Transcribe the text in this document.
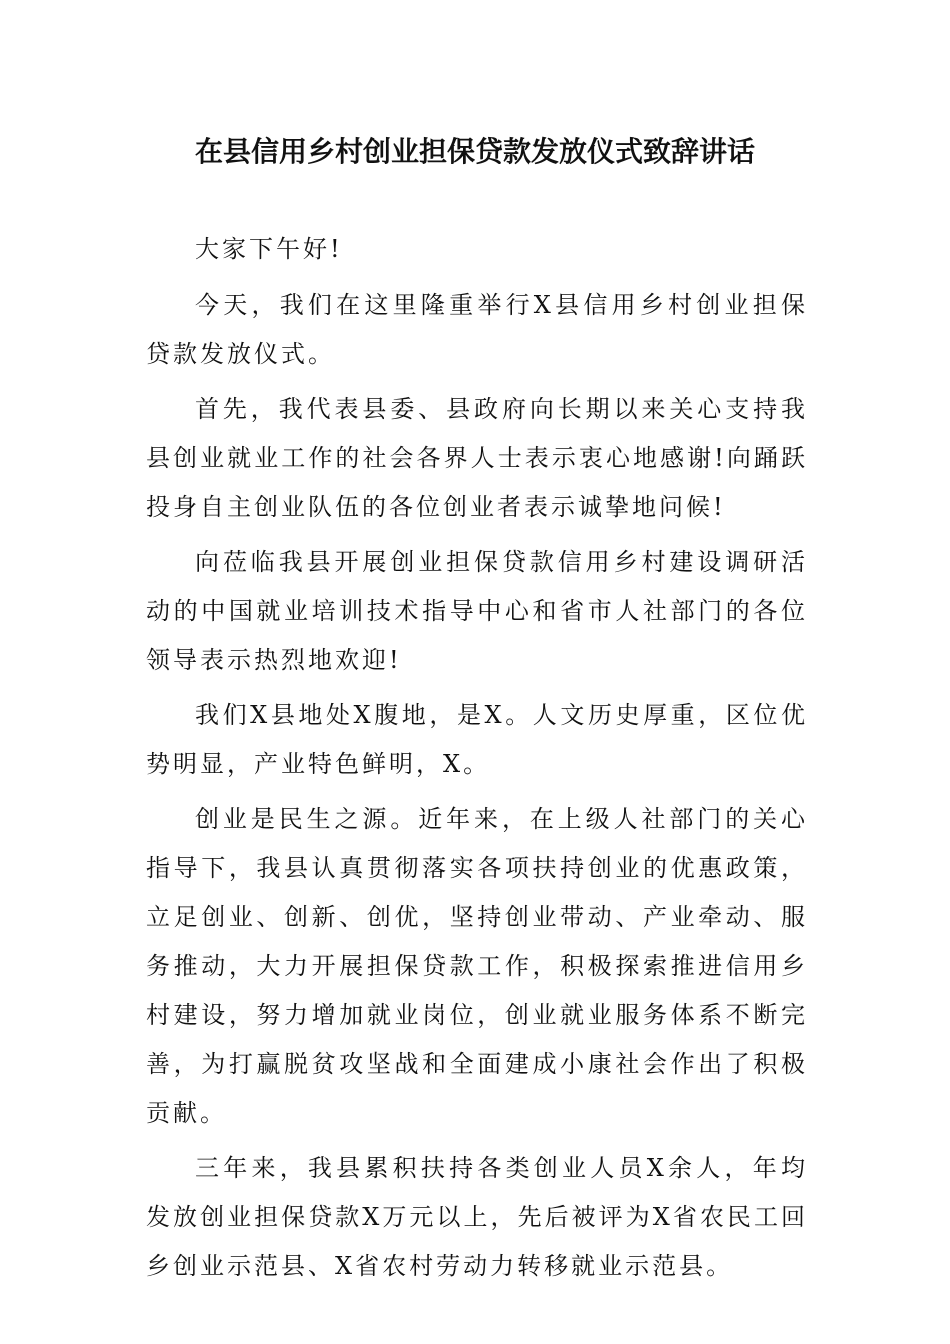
在县信用乡村创业担保贷款发放仪式致辞讲话

大家下午好!

今天，我们在这里隆重举行X县信用乡村创业担保贷款发放仪式。

首先，我代表县委、县政府向长期以来关心支持我县创业就业工作的社会各界人士表示衷心地感谢!向踊跃投身自主创业队伍的各位创业者表示诚挚地问候!

向莅临我县开展创业担保贷款信用乡村建设调研活动的中国就业培训技术指导中心和省市人社部门的各位领导表示热烈地欢迎!

我们X县地处X腹地，是X。人文历史厚重，区位优势明显，产业特色鲜明，X。

创业是民生之源。近年来，在上级人社部门的关心指导下，我县认真贯彻落实各项扶持创业的优惠政策，立足创业、创新、创优，坚持创业带动、产业牵动、服务推动，大力开展担保贷款工作，积极探索推进信用乡村建设，努力增加就业岗位，创业就业服务体系不断完善，为打赢脱贫攻坚战和全面建成小康社会作出了积极贡献。

三年来，我县累积扶持各类创业人员X余人，年均发放创业担保贷款X万元以上，先后被评为X省农民工回乡创业示范县、X省农村劳动力转移就业示范县。
